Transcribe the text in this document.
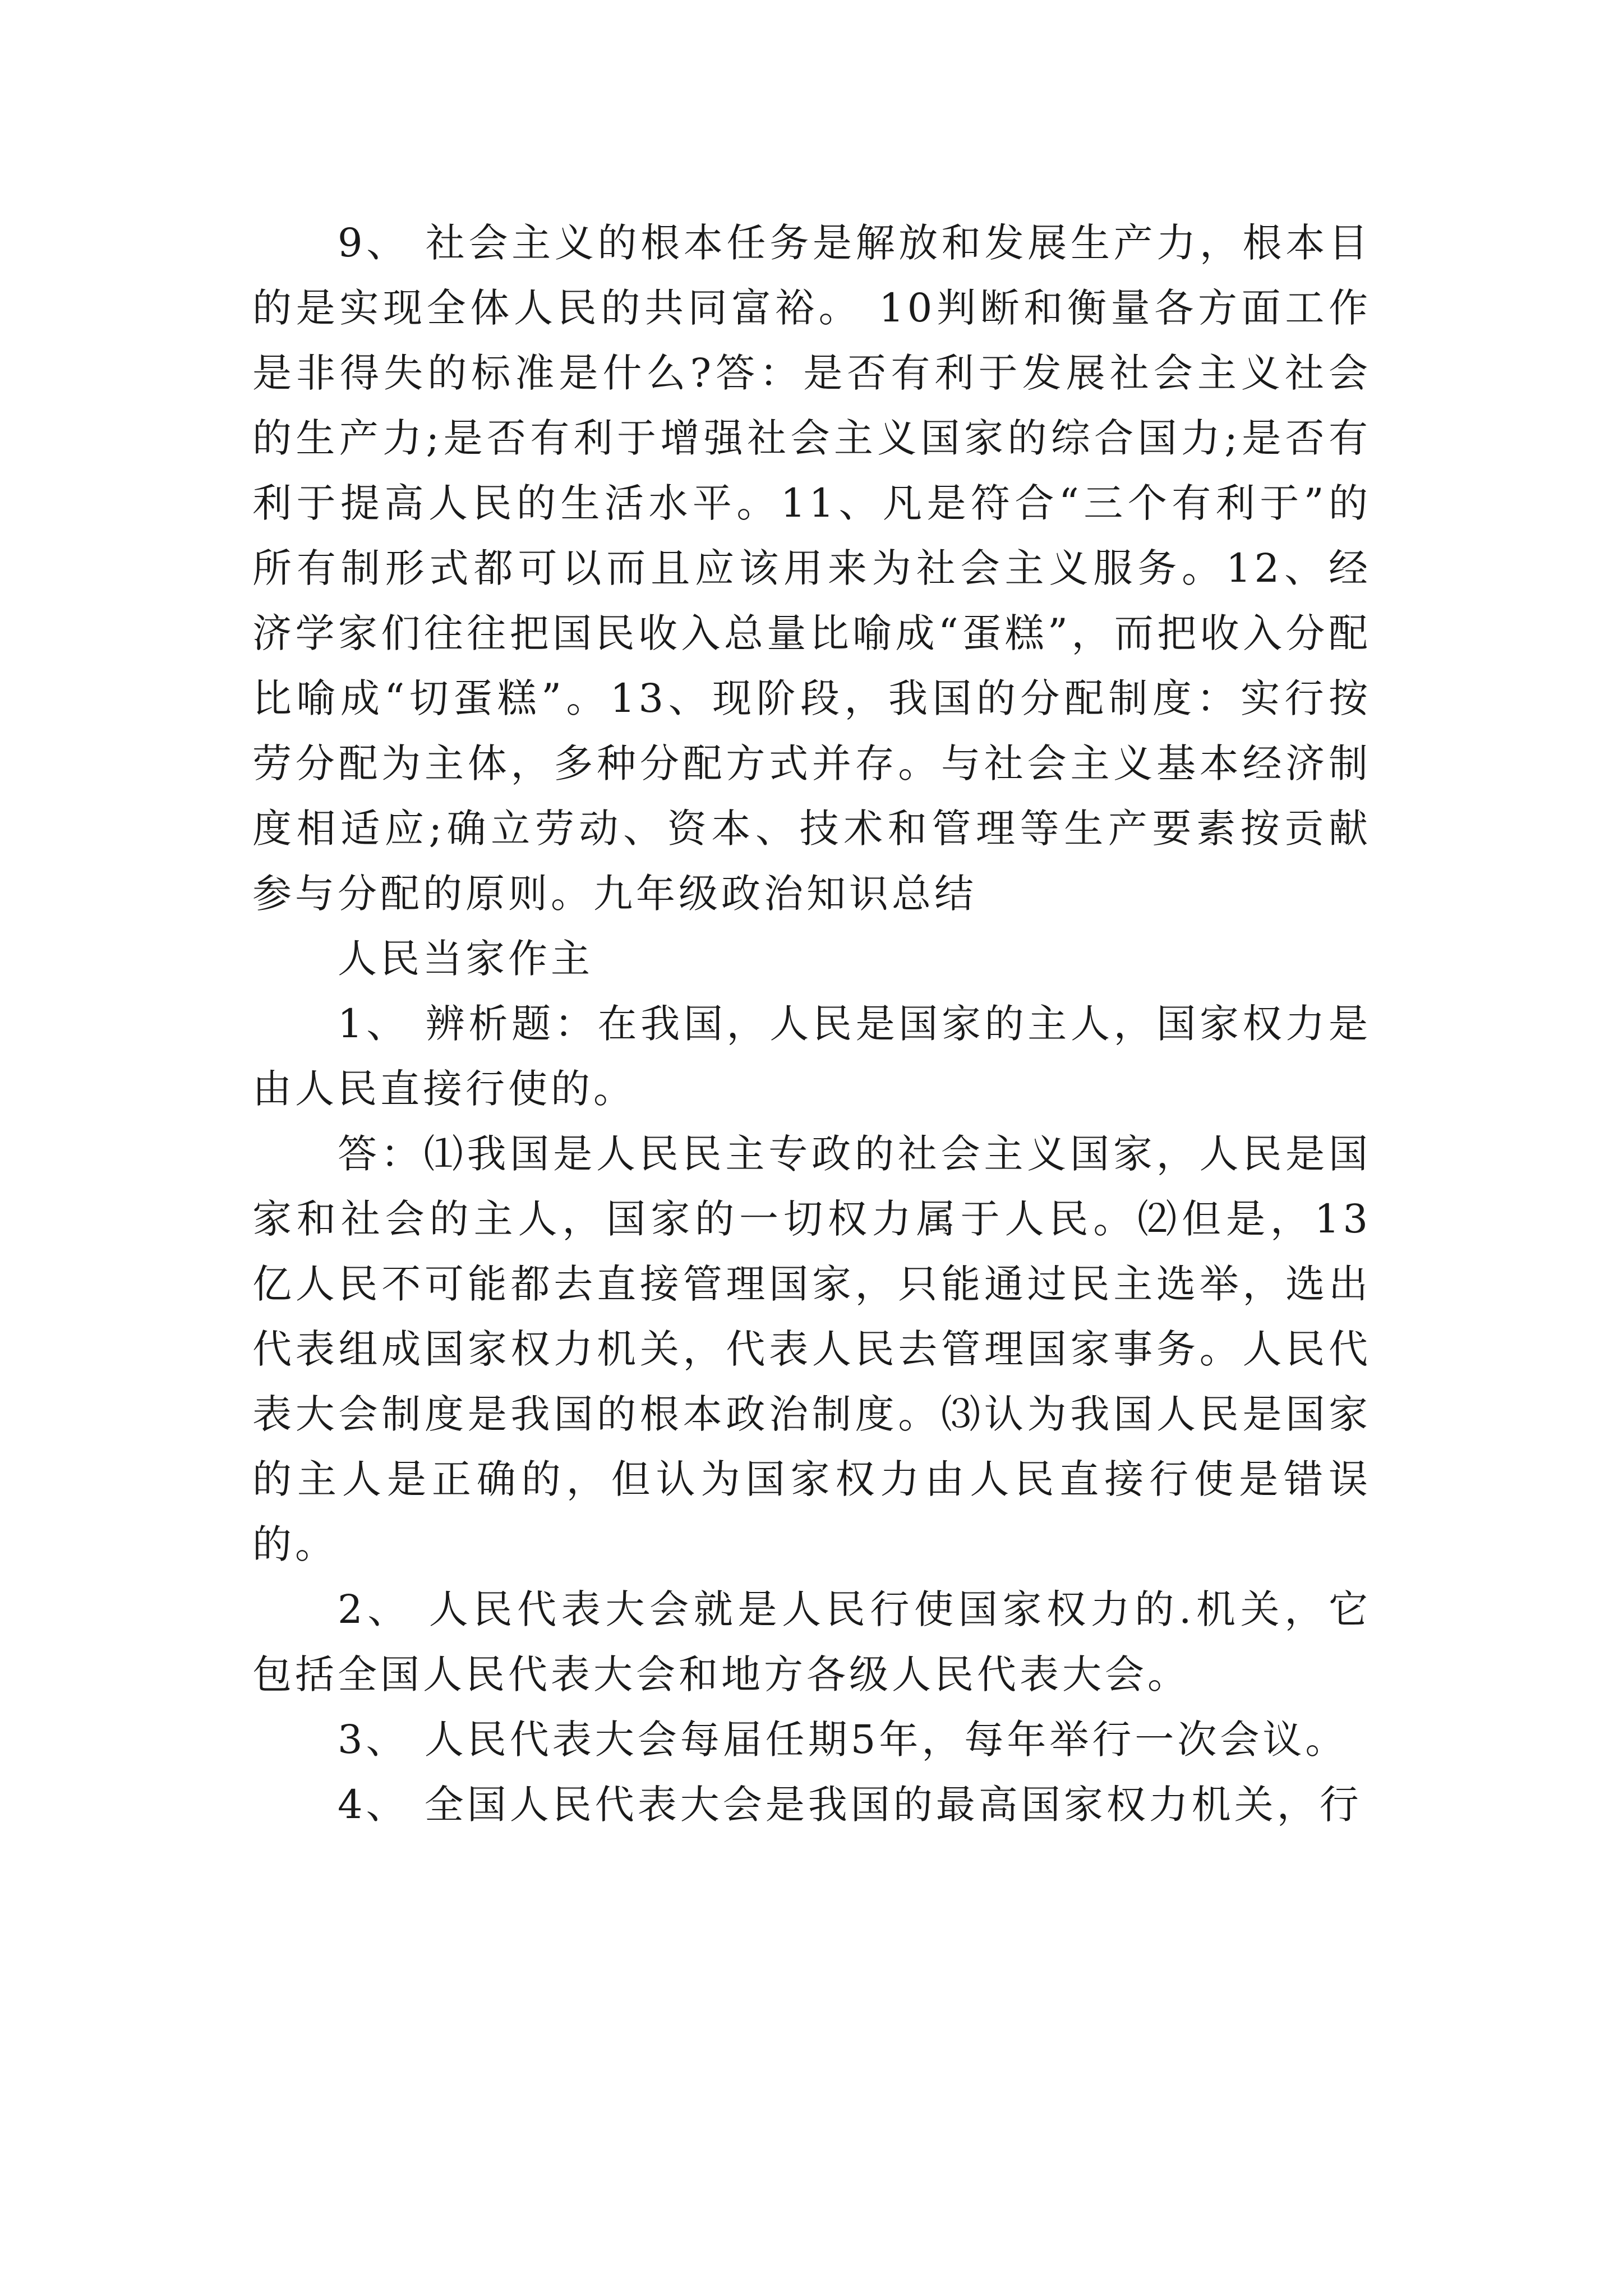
9、 社会主义的根本任务是解放和发展生产力，根本目的是实现全体人民的共同富裕。 10判断和衡量各方面工作是非得失的标准是什么?答：是否有利于发展社会主义社会的生产力;是否有利于增强社会主义国家的综合国力;是否有利于提高人民的生活水平。11、凡是符合“三个有利于”的所有制形式都可以而且应该用来为社会主义服务。12、经济学家们往往把国民收入总量比喻成“蛋糕”，而把收入分配比喻成“切蛋糕”。13、现阶段，我国的分配制度：实行按劳分配为主体，多种分配方式并存。与社会主义基本经济制度相适应;确立劳动、资本、技术和管理等生产要素按贡献参与分配的原则。九年级政治知识总结

人民当家作主

1、 辨析题：在我国，人民是国家的主人，国家权力是由人民直接行使的。

答：⑴我国是人民民主专政的社会主义国家，人民是国家和社会的主人，国家的一切权力属于人民。⑵但是，13亿人民不可能都去直接管理国家，只能通过民主选举，选出代表组成国家权力机关，代表人民去管理国家事务。人民代表大会制度是我国的根本政治制度。⑶认为我国人民是国家的主人是正确的，但认为国家权力由人民直接行使是错误的。

2、 人民代表大会就是人民行使国家权力的.机关，它包括全国人民代表大会和地方各级人民代表大会。

3、 人民代表大会每届任期5年，每年举行一次会议。

4、 全国人民代表大会是我国的最高国家权力机关，行
